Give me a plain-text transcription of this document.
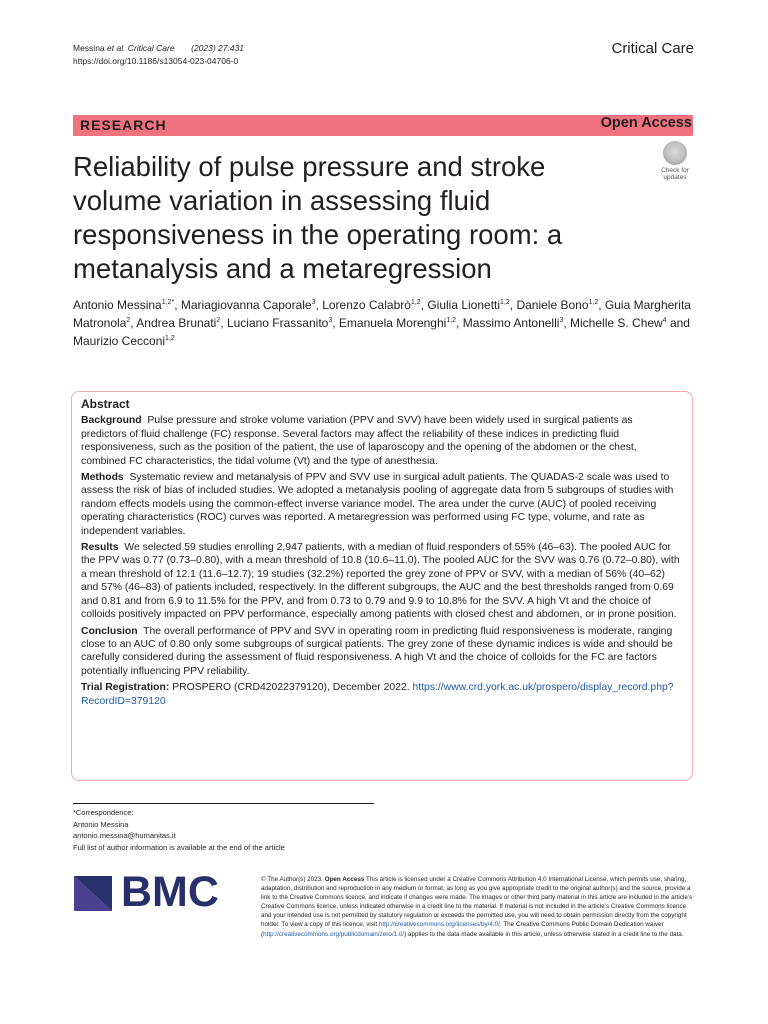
Messina et al. Critical Care (2023) 27:431
https://doi.org/10.1186/s13054-023-04706-0
Critical Care
RESEARCH	Open Access
Reliability of pulse pressure and stroke volume variation in assessing fluid responsiveness in the operating room: a metanalysis and a metaregression
Check for
updates
Antonio Messina$^{1,2*}$, Mariagiovanna Caporale$^3$, Lorenzo Calabrò$^{1,2}$, Giulia Lionetti$^{1,2}$, Daniele Bono$^{1,2}$, Guia Margherita Matronola$^2$, Andrea Brunati$^2$, Luciano Frassanito$^3$, Emanuela Morenghi$^{1,2}$, Massimo Antonelli$^3$, Michelle S. Chew$^4$ and Maurizio Cecconi$^{1,2}$
Abstract

Background Pulse pressure and stroke volume variation (PPV and SVV) have been widely used in surgical patients as predictors of fluid challenge (FC) response. Several factors may affect the reliability of these indices in predicting fluid responsiveness, such as the position of the patient, the use of laparoscopy and the opening of the abdomen or the chest, combined FC characteristics, the tidal volume (Vt) and the type of anesthesia.

Methods Systematic review and metanalysis of PPV and SVV use in surgical adult patients. The QUADAS-2 scale was used to assess the risk of bias of included studies. We adopted a metanalysis pooling of aggregate data from 5 subgroups of studies with random effects models using the common-effect inverse variance model. The area under the curve (AUC) of pooled receiving operating characteristics (ROC) curves was reported. A metaregression was performed using FC type, volume, and rate as independent variables.

Results We selected 59 studies enrolling 2,947 patients, with a median of fluid responders of 55% (46–63). The pooled AUC for the PPV was 0.77 (0.73–0.80), with a mean threshold of 10.8 (10.6–11.0). The pooled AUC for the SVV was 0.76 (0.72–0.80), with a mean threshold of 12.1 (11.6–12.7); 19 studies (32.2%) reported the grey zone of PPV or SVV, with a median of 56% (40–62) and 57% (46–83) of patients included, respectively. In the different subgroups, the AUC and the best thresholds ranged from 0.69 and 0.81 and from 6.9 to 11.5% for the PPV, and from 0.73 to 0.79 and 9.9 to 10.8% for the SVV. A high Vt and the choice of colloids positively impacted on PPV performance, especially among patients with closed chest and abdomen, or in prone position.

Conclusion The overall performance of PPV and SVV in operating room in predicting fluid responsiveness is moderate, ranging close to an AUC of 0.80 only some subgroups of surgical patients. The grey zone of these dynamic indices is wide and should be carefully considered during the assessment of fluid responsiveness. A high Vt and the choice of colloids for the FC are factors potentially influencing PPV reliability.

Trial Registration: PROSPERO (CRD42022379120), December 2022. https://www.crd.york.ac.uk/prospero/display_record.php?RecordID=379120

*Correspondence:
Antonio Messina
antonio.messina@humanitas.it
Full list of author information is available at the end of the article
BMC	© The Author(s) 2023. Open Access This article is licensed under a Creative Commons Attribution 4.0 International License, which permits use, sharing, adaptation, distribution and reproduction in any medium or format, as long as you give appropriate credit to the original author(s) and the source, provide a link to the Creative Commons licence, and indicate if changes were made. The images or other third party material in this article are included in the article’s Creative Commons licence, unless indicated otherwise in a credit line to the material. If material is not included in the article’s Creative Commons licence and your intended use is not permitted by statutory regulation or exceeds the permitted use, you will need to obtain permission directly from the copyright holder. To view a copy of this licence, visit http://creativecommons.org/licenses/by/4.0/. The Creative Commons Public Domain Dedication waiver (http://creativecommons.org/publicdomain/zero/1.0/) applies to the data made available in this article, unless otherwise stated in a credit line to the data.
